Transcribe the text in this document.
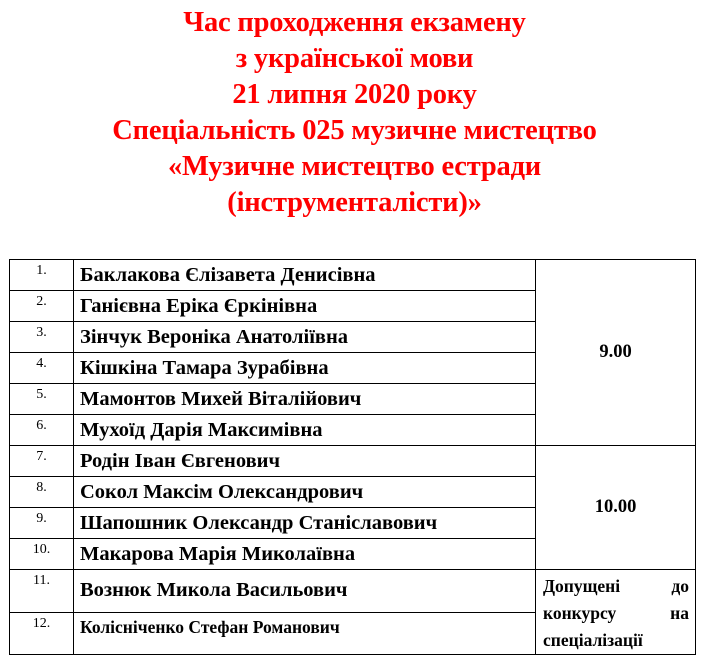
Час проходження екзамену
з української мови
21 липня 2020 року
Спеціальність 025 музичне мистецтво
«Музичне мистецтво естради
(інструменталісти)»
1.	Баклакова Єлізавета Денисівна	9.00
2.	Ганієвна Еріка Єркінівна	
3.	Зінчук Вероніка Анатоліївна	
4.	Кішкіна Тамара Зурабівна	
5.	Мамонтов Михей Віталійович	
6.	Мухоїд Дарія Максимівна	
7.	Родін Іван Євгенович	10.00
8.	Сокол Максім Олександрович	
9.	Шапошник Олександр Станіславович	
10.	Макарова Марія Миколаївна	
11.	Вознюк Микола Васильович	Допущені до
конкурсу на
спеціалізації

12.	Колісніченко Стефан Романович	
